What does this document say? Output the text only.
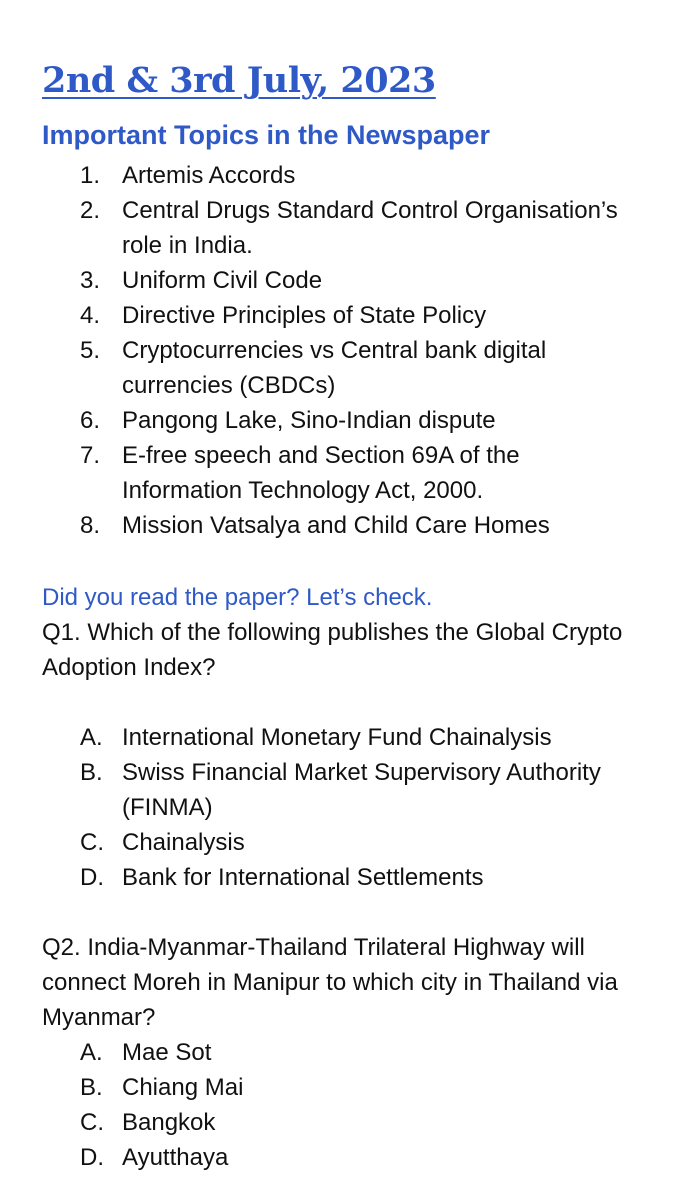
2nd & 3rd July, 2023
Important Topics in the Newspaper
1. Artemis Accords
2. Central Drugs Standard Control Organisation’s role in India.
3. Uniform Civil Code
4. Directive Principles of State Policy
5. Cryptocurrencies vs Central bank digital currencies (CBDCs)
6. Pangong Lake, Sino-Indian dispute
7. E-free speech and Section 69A of the Information Technology Act, 2000.
8. Mission Vatsalya and Child Care Homes
Did you read the paper? Let’s check.
Q1. Which of the following publishes the Global Crypto Adoption Index?
A. International Monetary Fund Chainalysis
B. Swiss Financial Market Supervisory Authority (FINMA)
C. Chainalysis
D. Bank for International Settlements
Q2. India-Myanmar-Thailand Trilateral Highway will connect Moreh in Manipur to which city in Thailand via Myanmar?
A. Mae Sot
B. Chiang Mai
C. Bangkok
D. Ayutthaya
